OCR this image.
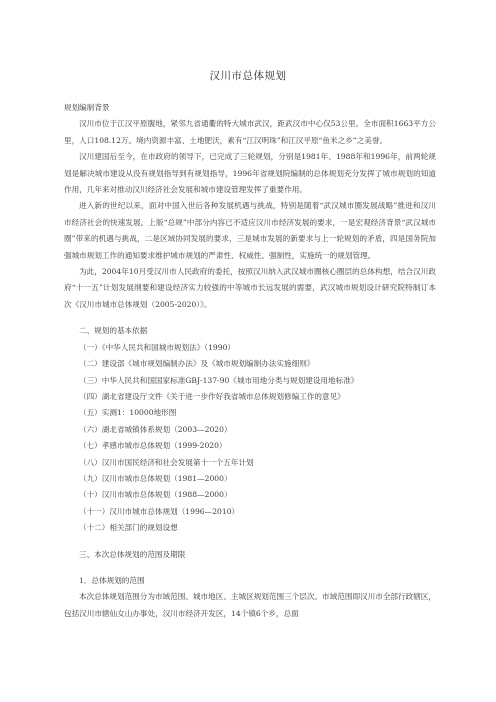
汉川市总体规划

规划编制背景

汉川市位于江汉平原腹地，紧邻九省通衢的特大城市武汉，距武汉市中心仅53公里。全市面积1663平方公里，人口108.12万。境内资源丰富、土地肥沃，素有“江汉明珠”和江汉平原“鱼米之乡”之美誉。

汉川建国后至今，在市政府的领导下，已完成了三轮规划，分别是1981年、1988年和1996年，前两轮规划是解决城市建设从没有规划指导到有规划指导，1996年省规划院编制的总体规划充分发挥了城市规划的知道作用，几年来对推动汉川经济社会发展和城市建设管理发挥了重要作用。

进入新的世纪以来，面对中国入世后各种发展机遇与挑战，特别是随着“武汉城市圈发展战略”推进和汉川市经济社会的快速发展，上版“总规”中部分内容已不适应汉川市经济发展的要求，一是宏观经济背景“武汉城市圈”带来的机遇与挑战，二是区域协同发展的要求，三是城市发展的新要求与上一轮规划的矛盾，四是国务院加强城市规划工作的通知要求维护城市规划的严肃性、权威性、强制性，实施统一的规划管理。

为此，2004年10月受汉川市人民政府的委托，按照汉川纳入武汉城市圈核心圈层的总体构想，结合汉川政府“十一五”计划发展纲要和建设经济实力较强的中等城市长远发展的需要，武汉城市规划设计研究院特制订本次《汉川市城市总体规划（2005-2020）》。

二、规划的基本依据

（一）《中华人民共和国城市规划法》（1990）

（二）建设部《城市规划编制办法》及《城市规划编制办法实施细则》

（三）中华人民共和国国家标准GBJ-137-90《城市用地分类与规划建设用地标准》

（四）湖北省建设厅文件《关于进一步作好我省城市总体规划修编工作的意见》

（五）实测1：10000地形图

（六）湖北省城镇体系规划（2003—2020）

（七）孝感市城市总体规划（1999-2020）

（八）汉川市国民经济和社会发展第十一个五年计划

（九）汉川市城市总体规划（1981—2000）

（十）汉川市城市总体规划（1988—2000）

（十一）汉川市城市总体规划（1996—2010）

（十二）相关部门的规划设想

三、本次总体规划的范围及期限

1．总体规划的范围

本次总体规划范围分为市域范围、城市地区、主城区规划范围三个层次。市域范围即汉川市全部行政辖区，包括汉川市辖仙女山办事处，汉川市经济开发区，14个镇6个乡，总面
